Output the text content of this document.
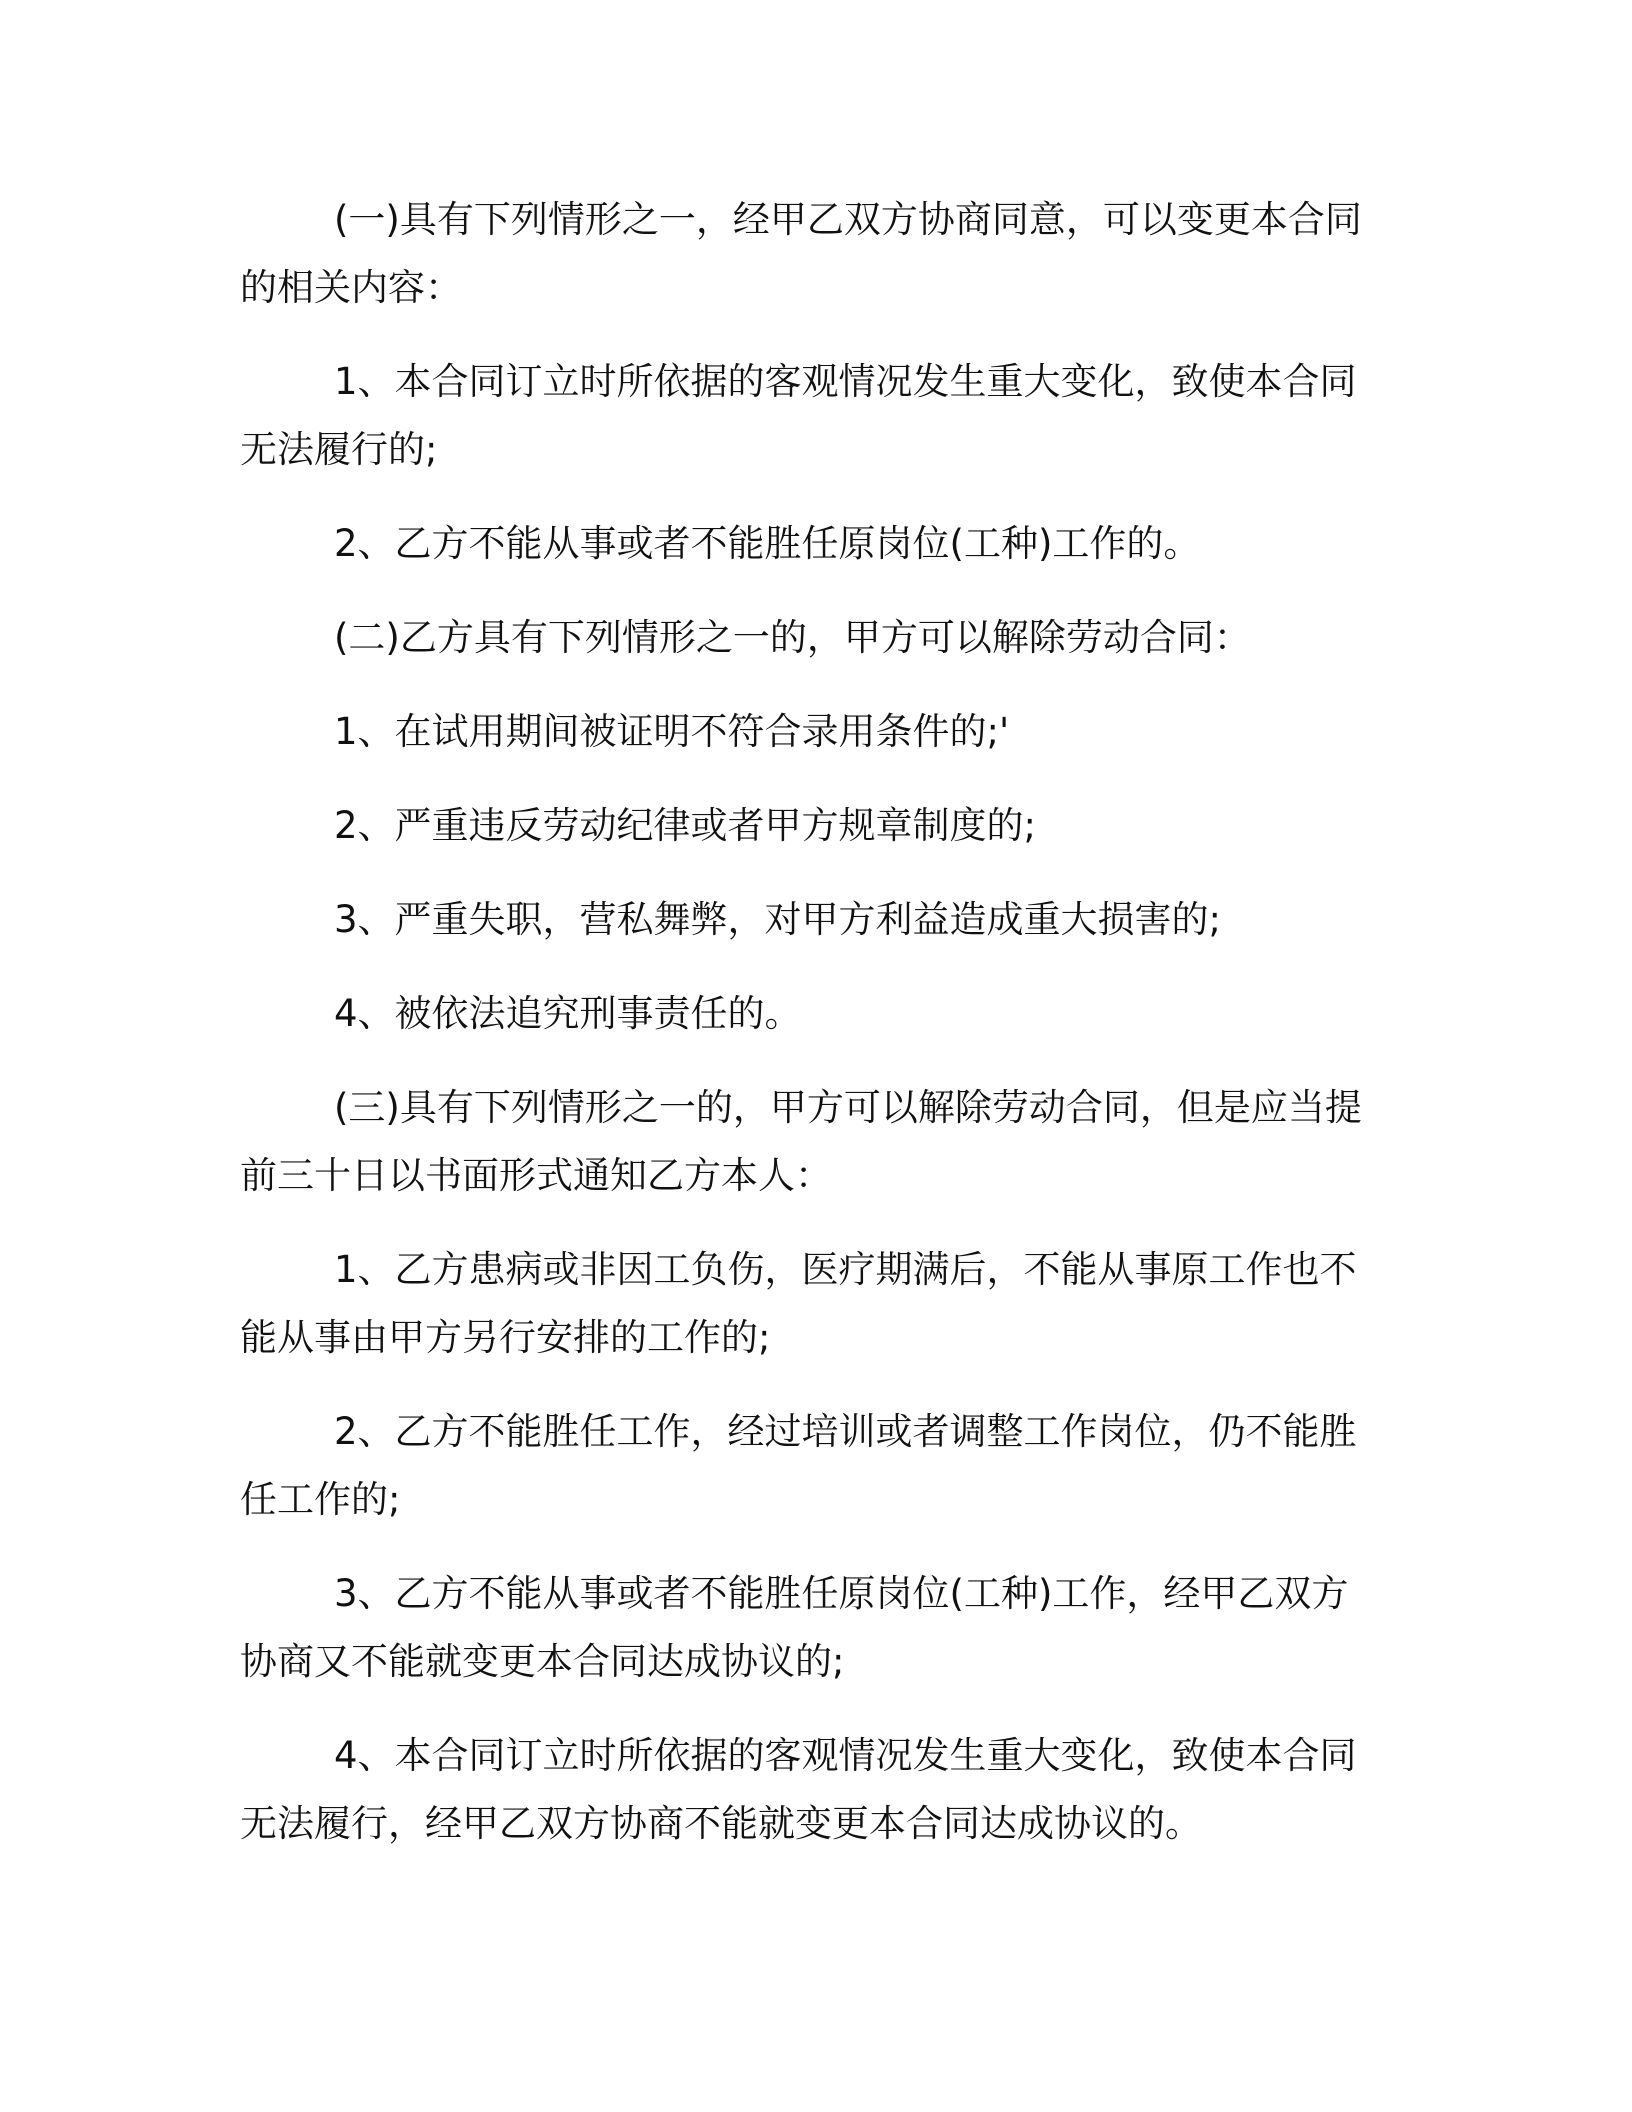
(一)具有下列情形之一，经甲乙双方协商同意，可以变更本合同的相关内容：

1、本合同订立时所依据的客观情况发生重大变化，致使本合同无法履行的;

2、乙方不能从事或者不能胜任原岗位(工种)工作的。

(二)乙方具有下列情形之一的，甲方可以解除劳动合同：

1、在试用期间被证明不符合录用条件的;'

2、严重违反劳动纪律或者甲方规章制度的;

3、严重失职，营私舞弊，对甲方利益造成重大损害的;

4、被依法追究刑事责任的。

(三)具有下列情形之一的，甲方可以解除劳动合同，但是应当提前三十日以书面形式通知乙方本人：

1、乙方患病或非因工负伤，医疗期满后，不能从事原工作也不能从事由甲方另行安排的工作的;

2、乙方不能胜任工作，经过培训或者调整工作岗位，仍不能胜任工作的;

3、乙方不能从事或者不能胜任原岗位(工种)工作，经甲乙双方协商又不能就变更本合同达成协议的;

4、本合同订立时所依据的客观情况发生重大变化，致使本合同无法履行，经甲乙双方协商不能就变更本合同达成协议的。
